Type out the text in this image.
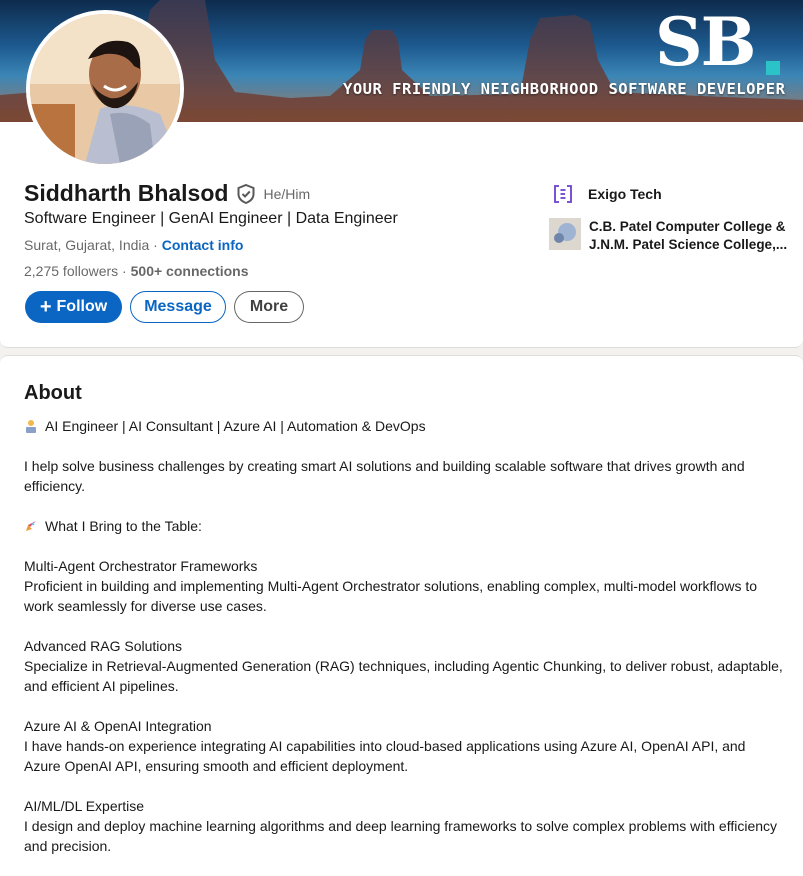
SB
YOUR FRIENDLY NEIGHBORHOOD SOFTWARE DEVELOPER
Siddharth Bhalsod	He/Him
Software Engineer | GenAI Engineer | Data Engineer
Surat, Gujarat, India · Contact info
2,275 followers · 500+ connections
+ Follow	Message	More
Exigo Tech
C.B. Patel Computer College &
J.N.M. Patel Science College,...
About

AI Engineer | AI Consultant | Azure AI | Automation & DevOps

I help solve business challenges by creating smart AI solutions and building scalable software that drives growth and efficiency.

What I Bring to the Table:

Multi-Agent Orchestrator Frameworks

Proficient in building and implementing Multi-Agent Orchestrator solutions, enabling complex, multi-model workflows to work seamlessly for diverse use cases.

Advanced RAG Solutions

Specialize in Retrieval-Augmented Generation (RAG) techniques, including Agentic Chunking, to deliver robust, adaptable, and efficient AI pipelines.

Azure AI & OpenAI Integration

I have hands-on experience integrating AI capabilities into cloud-based applications using Azure AI, OpenAI API, and Azure OpenAI API, ensuring smooth and efficient deployment.

AI/ML/DL Expertise

I design and deploy machine learning algorithms and deep learning frameworks to solve complex problems with efficiency and precision.
